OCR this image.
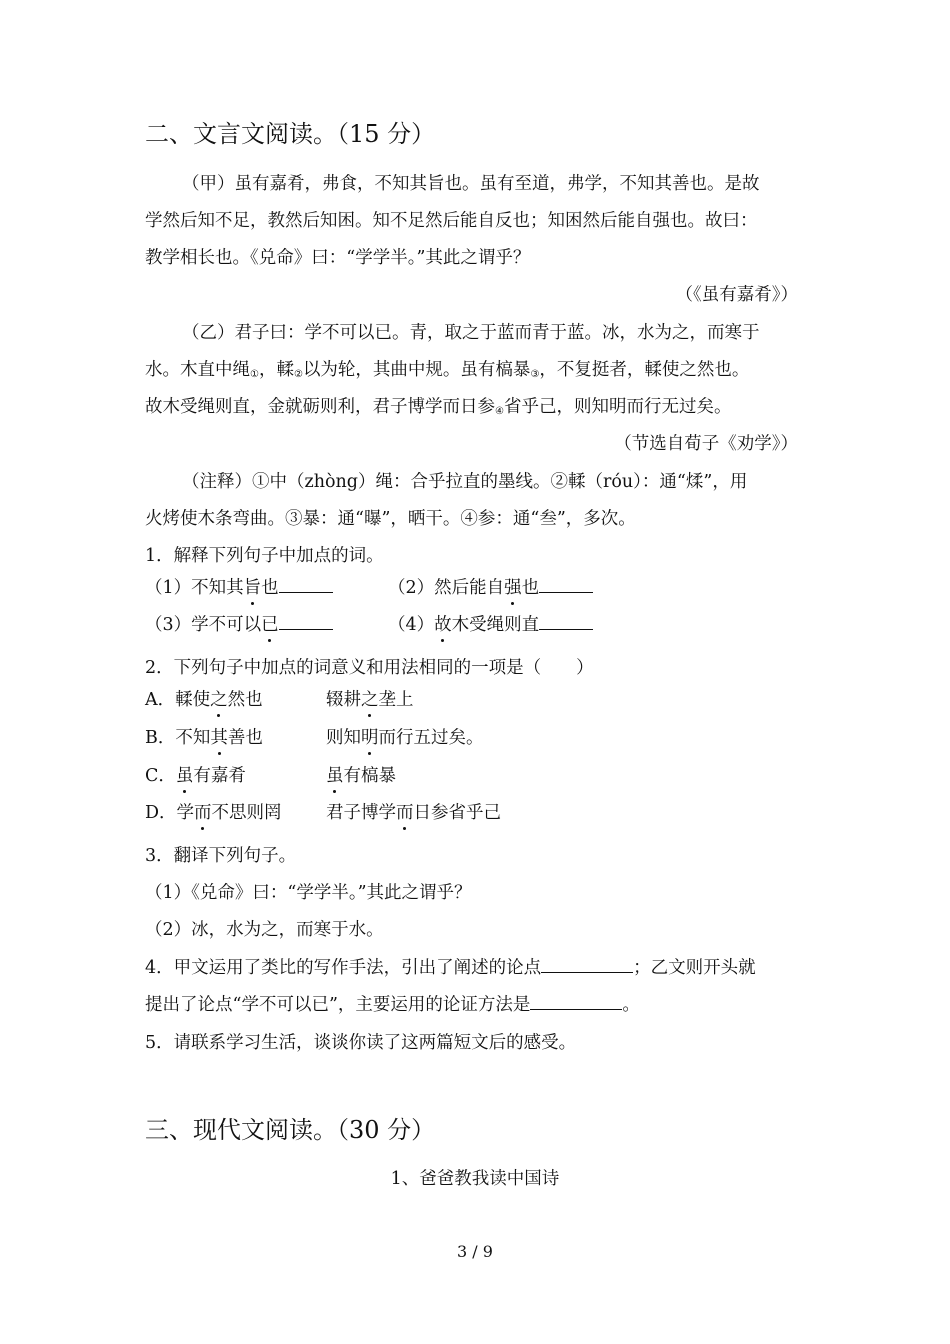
二、文言文阅读。（15 分）
（甲）虽有嘉肴，弗食，不知其旨也。虽有至道，弗学，不知其善也。是故
学然后知不足，教然后知困。知不足然后能自反也；知困然后能自强也。故曰：
教学相长也。《兑命》曰：“学学半。”其此之谓乎？
（《虽有嘉肴》）
（乙）君子曰：学不可以已。青，取之于蓝而青于蓝。冰，水为之，而寒于
水。木直中绳$_①$，輮$_②$以为轮，其曲中规。虽有槁暴$_③$，不复挺者，輮使之然也。
故木受绳则直，金就砺则利，君子博学而日参$_④$省乎己，则知明而行无过矣。
（节选自荀子《劝学》）
（注释）①中（zhòng）绳：合乎拉直的墨线。②輮（róu）：通“煣”，用
火烤使木条弯曲。③暴：通“曝”，晒干。④参：通“叁”，多次。
1．解释下列句子中加点的词。
（1）不知其旨也	（2）然后能自强也
（3）学不可以已	（4）故木受绳则直
2．下列句子中加点的词意义和用法相同的一项是（　　）
A．輮使之然也	辍耕之垄上
B．不知其善也	则知明而行五过矣。
C．虽有嘉肴	虽有槁暴
D．学而不思则罔	君子博学而日参省乎己
3．翻译下列句子。
（1）《兑命》曰：“学学半。”其此之谓乎？
（2）冰，水为之，而寒于水。
4．甲文运用了类比的写作手法，引出了阐述的论点	；乙文则开头就
提出了论点“学不可以已”，主要运用的论证方法是	。
5．请联系学习生活，谈谈你读了这两篇短文后的感受。
三、现代文阅读。（30 分）
1、爸爸教我读中国诗
3 / 9
